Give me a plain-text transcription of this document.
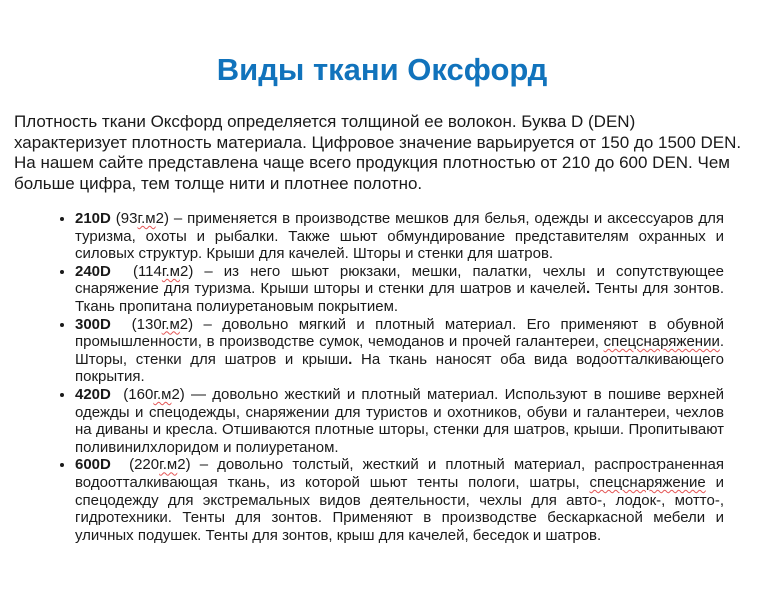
Виды ткани Оксфорд

Плотность ткани Оксфорд определяется толщиной ее волокон. Буква D (DEN) характеризует плотность материала. Цифровое значение варьируется от 150 до 1500 DEN. На нашем сайте представлена чаще всего продукция плотностью от 210 до 600 DEN. Чем больше цифра, тем толще нити и плотнее полотно.

• 210D (93г.м2) – применяется в производстве мешков для белья, одежды и аксессуаров для туризма, охоты и рыбалки. Также шьют обмундирование представителям охранных и силовых структур. Крыши для качелей. Шторы и стенки для шатров.
• 240D  (114г.м2) – из него шьют рюкзаки, мешки, палатки, чехлы и сопутствующее снаряжение для туризма. Крыши шторы и стенки для шатров и качелей. Тенты для зонтов. Ткань пропитана полиуретановым покрытием.
• 300D  (130г.м2) – довольно мягкий и плотный материал. Его применяют в обувной промышленности, в производстве сумок, чемоданов и прочей галантереи, спецснаряжении. Шторы, стенки для шатров и крыши. На ткань наносят оба вида водоотталкивающего покрытия.
• 420D  (160г.м2) — довольно жесткий и плотный материал. Используют в пошиве верхней одежды и спецодежды, снаряжении для туристов и охотников, обуви и галантереи, чехлов на диваны и кресла. Отшиваются плотные шторы, стенки для шатров, крыши. Пропитывают поливинилхлоридом и полиуретаном.
• 600D  (220г.м2) – довольно толстый, жесткий и плотный материал, распространенная водоотталкивающая ткань, из которой шьют тенты пологи, шатры, спецснаряжение и спецодежду для экстремальных видов деятельности, чехлы для авто-, лодок-, мотто-, гидротехники. Тенты для зонтов. Применяют в производстве бескаркасной мебели и уличных подушек. Тенты для зонтов, крыш для качелей, беседок и шатров.
